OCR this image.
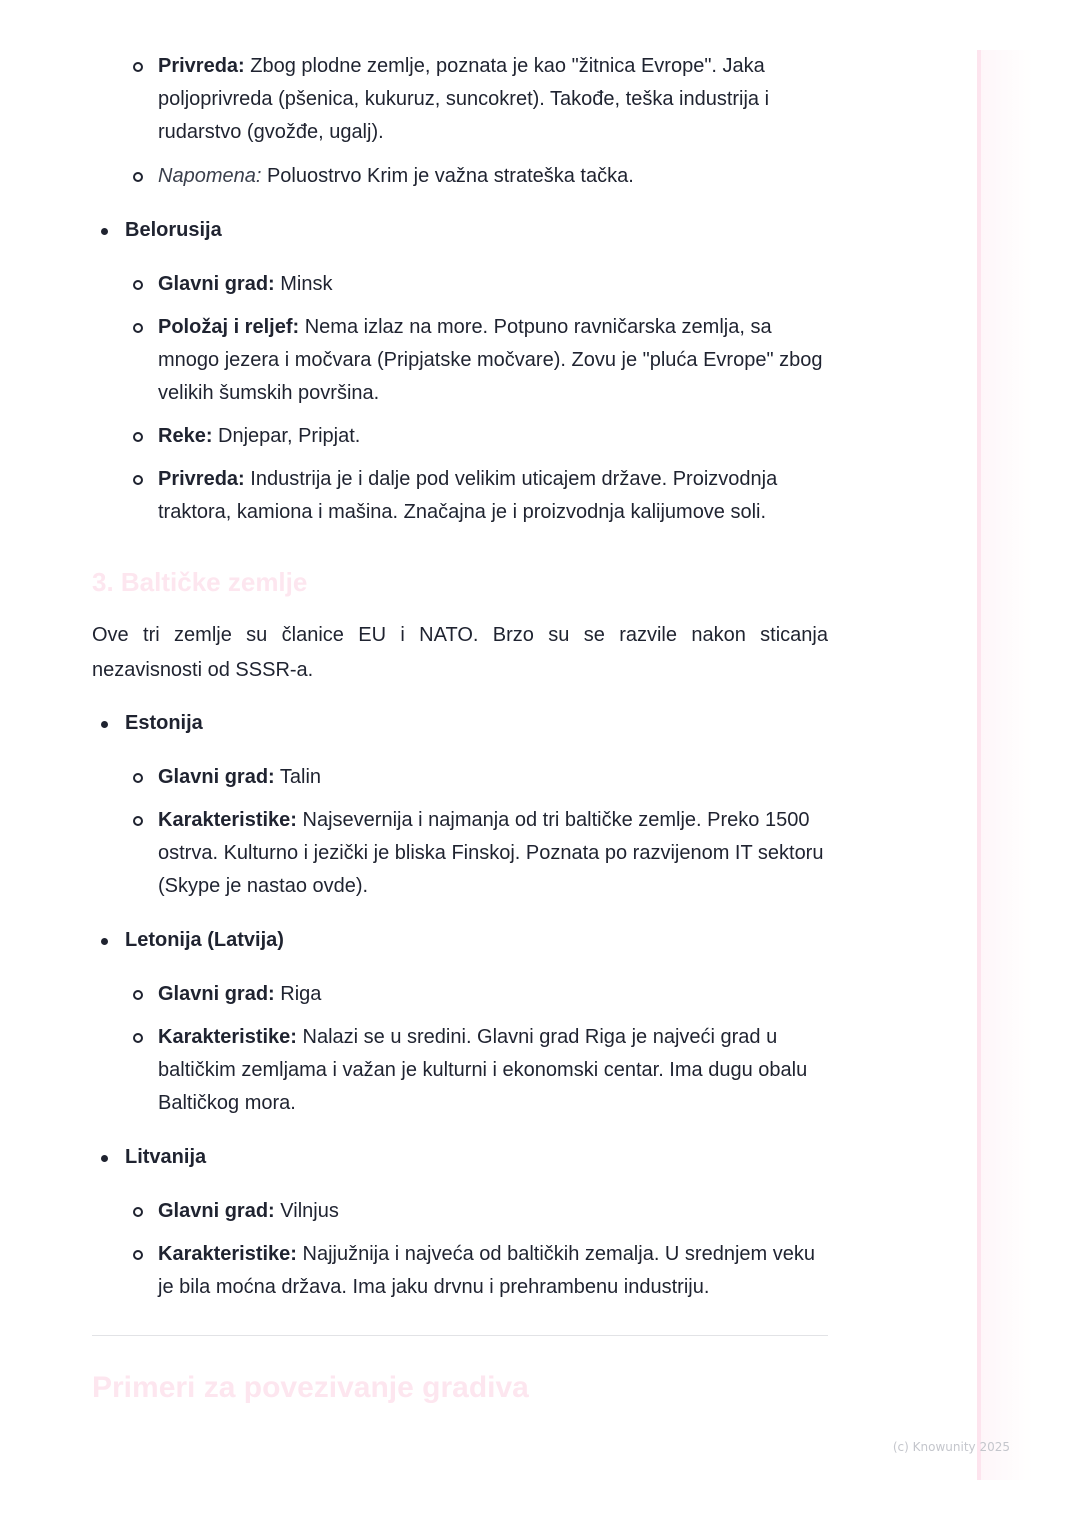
Privreda: Zbog plodne zemlje, poznata je kao "žitnica Evrope". Jaka poljoprivreda (pšenica, kukuruz, suncokret). Takođe, teška industrija i rudarstvo (gvožđe, ugalj).
Napomena: Poluostrvo Krim je važna strateška tačka.
Belorusija
Glavni grad: Minsk
Položaj i reljef: Nema izlaz na more. Potpuno ravničarska zemlja, sa mnogo jezera i močvara (Pripjatske močvare). Zovu je "pluća Evrope" zbog velikih šumskih površina.
Reke: Dnjepar, Pripjat.
Privreda: Industrija je i dalje pod velikim uticajem države. Proizvodnja traktora, kamiona i mašina. Značajna je i proizvodnja kalijumove soli.
3. Baltičke zemlje

Ove tri zemlje su članice EU i NATO. Brzo su se razvile nakon sticanja nezavisnosti od SSSR-a.

Estonija
Glavni grad: Talin
Karakteristike: Najsevernija i najmanja od tri baltičke zemlje. Preko 1500 ostrva. Kulturno i jezički je bliska Finskoj. Poznata po razvijenom IT sektoru (Skype je nastao ovde).
Letonija (Latvija)
Glavni grad: Riga
Karakteristike: Nalazi se u sredini. Glavni grad Riga je najveći grad u baltičkim zemljama i važan je kulturni i ekonomski centar. Ima dugu obalu Baltičkog mora.
Litvanija
Glavni grad: Vilnjus
Karakteristike: Najjužnija i najveća od baltičkih zemalja. U srednjem veku je bila moćna država. Ima jaku drvnu i prehrambenu industriju.
Primeri za povezivanje gradiva
(c) Knowunity 2025
